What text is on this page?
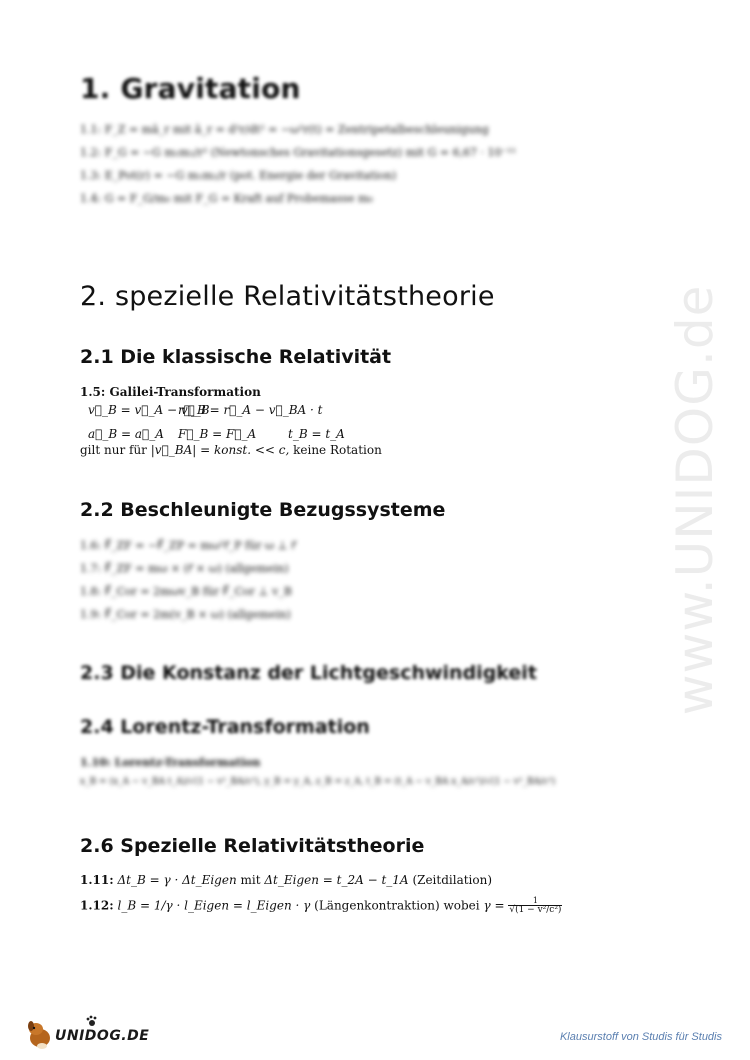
www.UNIDOG.de
1. Gravitation
1.1: F_Z = mā_r mit ā_r = d²r/dt² = −ω²r(t) = Zentripetalbeschleunigung
1.2: F_G = −G m₁m₂/r² (Newtonsches Gravitationsgesetz) mit G = 6,67 · 10⁻¹¹
1.3: E_Pot(r) = −G m₁m₂/r (pot. Energie der Gravitation)
1.4: G = F_G/m₀ mit F_G = Kraft auf Probemasse m₀
2. spezielle Relativitätstheorie
2.1 Die klassische Relativität
1.5: Galilei-Transformation
v⃗_B = v⃗_A − v⃗_B
r⃗_B = r⃗_A − v⃗_BA · t
a⃗_B = a⃗_A F⃗_B = F⃗_A	t_B = t_A
gilt nur für |v⃗_BA| = konst. << c, keine Rotation
2.2 Beschleunigte Bezugssysteme
1.6: F⃗_ZF = −F⃗_ZP = mω²r⃗_P für ω ⊥ r⃗
1.7: F⃗_ZF = mω × (r⃗ × ω) (allgemein)
1.8: F⃗_Cor = 2mωv_B für F⃗_Cor ⊥ v_B
1.9: F⃗_Cor = 2m(v_B × ω) (allgemein)
2.3 Die Konstanz der Lichtgeschwindigkeit
2.4 Lorentz-Transformation
1.10: Lorentz-Transformation
x_B = (x_A − v_BA t_A)/√(1 − v²_BA/c²), y_B = y_A, z_B = z_A, t_B = (t_A − v_BA x_A/c²)/√(1 − v²_BA/c²)
2.6 Spezielle Relativitätstheorie
1.11: Δt_B = γ · Δt_Eigen mit Δt_Eigen = t_2A − t_1A (Zeitdilation)
1.12: l_B = 1/γ · l_Eigen = l_Eigen · γ (Längenkontraktion) wobei $\gamma = \frac{1}{\text{√(1 − v²/c²)}}$
UNIDOG.DE	Klausurstoff von Studis für Studis
